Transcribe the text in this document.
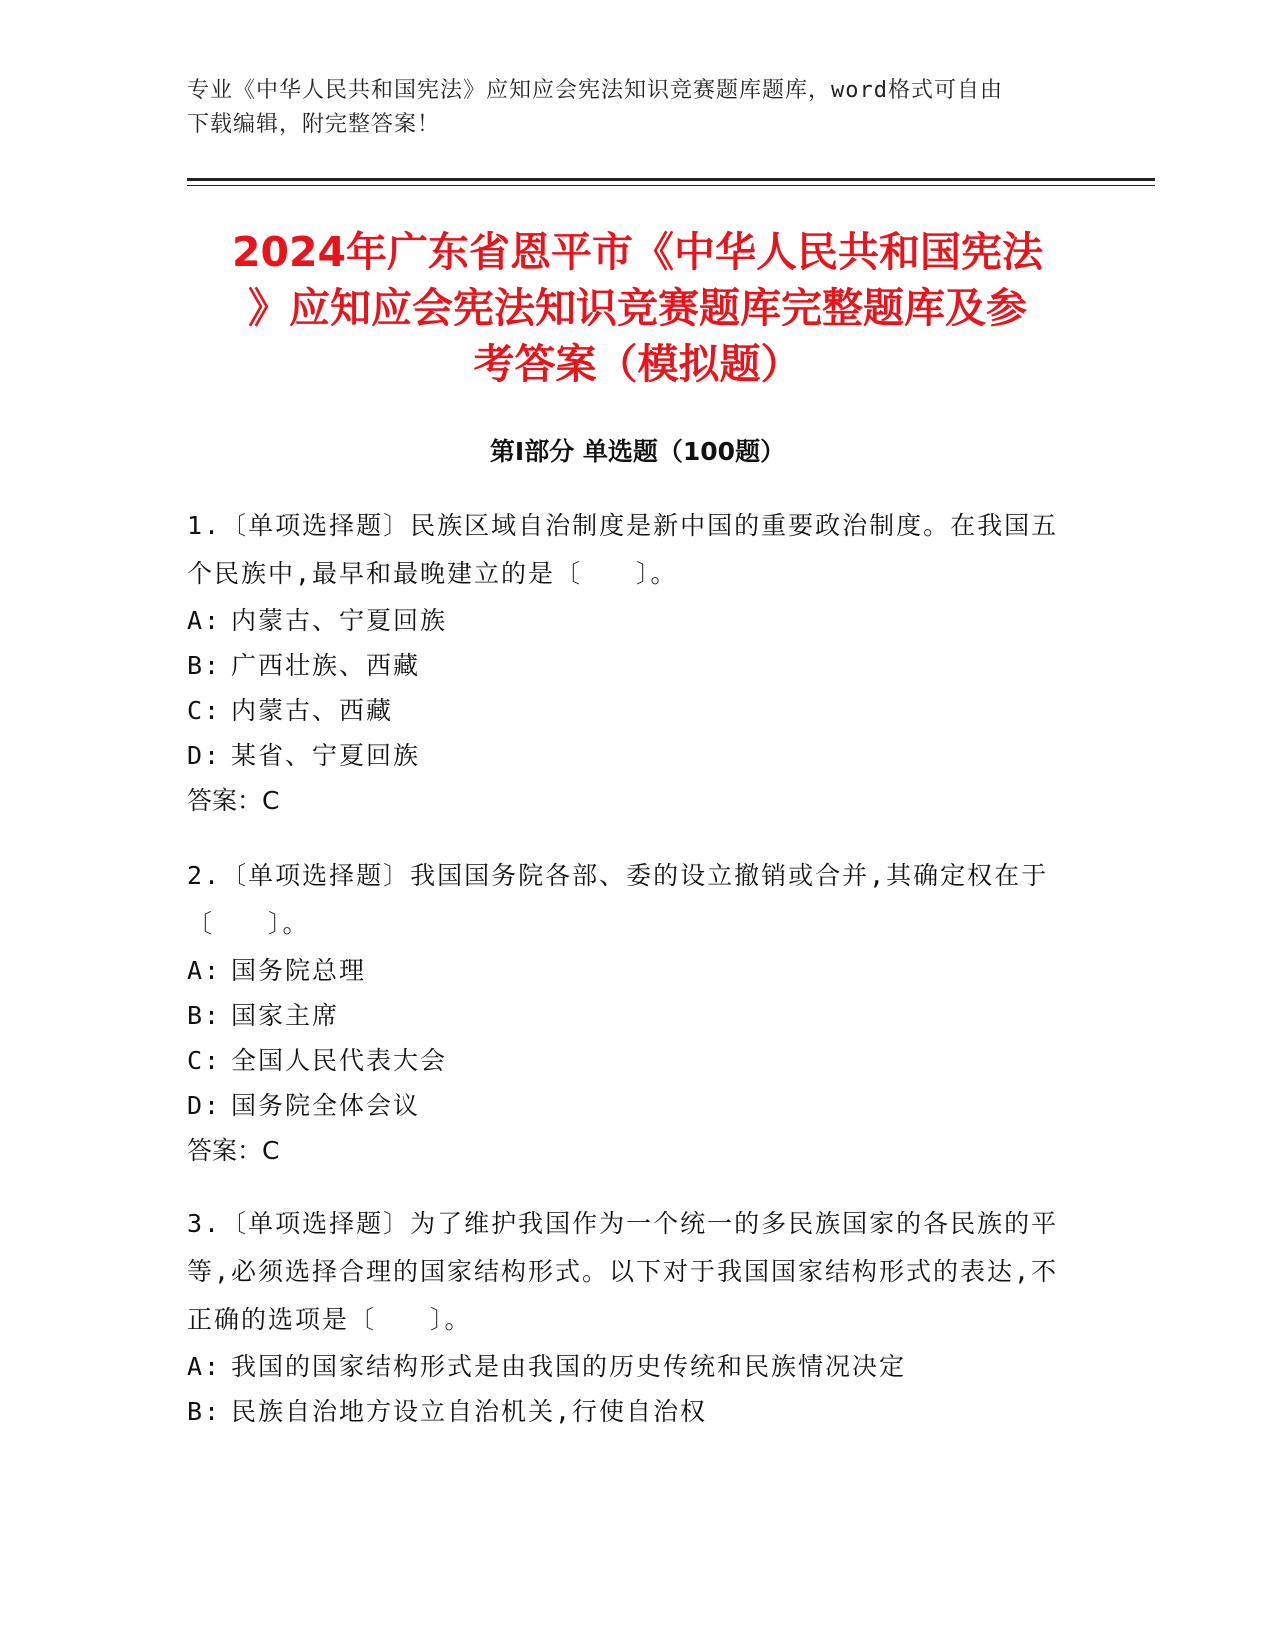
专业《中华人民共和国宪法》应知应会宪法知识竞赛题库题库，word格式可自由
下载编辑，附完整答案！
2024年广东省恩平市《中华人民共和国宪法
》应知应会宪法知识竞赛题库完整题库及参
考答案（模拟题）
第Ⅰ部分 单选题（100题）

1.〔单项选择题〕民族区域自治制度是新中国的重要政治制度。在我国五个民族中,最早和最晚建立的是〔　　〕。

A: 内蒙古、宁夏回族

B: 广西壮族、西藏

C: 内蒙古、西藏

D: 某省、宁夏回族

答案：C

2.〔单项选择题〕我国国务院各部、委的设立撤销或合并,其确定权在于〔　　〕。

A: 国务院总理

B: 国家主席

C: 全国人民代表大会

D: 国务院全体会议

答案：C

3.〔单项选择题〕为了维护我国作为一个统一的多民族国家的各民族的平等,必须选择合理的国家结构形式。以下对于我国国家结构形式的表达,不正确的选项是〔　　〕。

A: 我国的国家结构形式是由我国的历史传统和民族情况决定

B: 民族自治地方设立自治机关,行使自治权
